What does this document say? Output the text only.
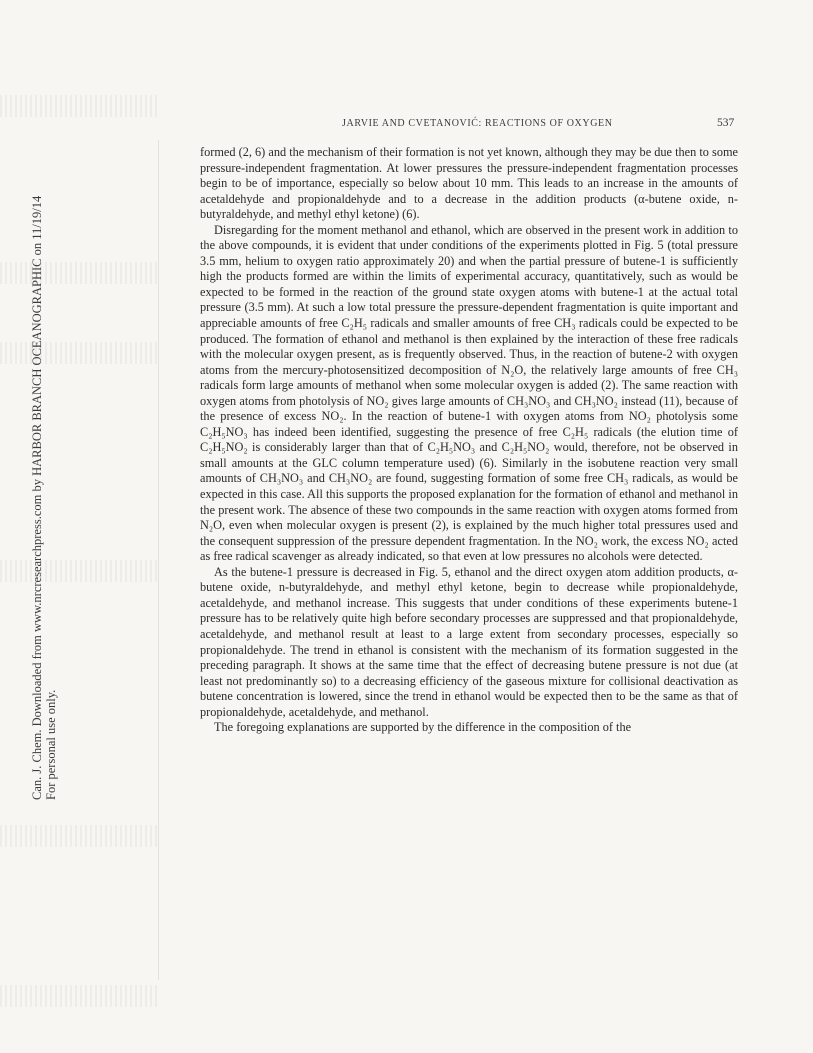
Can. J. Chem. Downloaded from www.nrcresearchpress.com by HARBOR BRANCH OCEANOGRAPHIC on 11/19/14 For personal use only.
JARVIE AND CVETANOVIĆ: REACTIONS OF OXYGEN	537

formed (2, 6) and the mechanism of their formation is not yet known, although they may be due then to some pressure-independent fragmentation. At lower pressures the pressure-independent fragmentation processes begin to be of importance, especially so below about 10 mm. This leads to an increase in the amounts of acetaldehyde and propionaldehyde and to a decrease in the addition products (α-butene oxide, n-butyraldehyde, and methyl ethyl ketone) (6).

Disregarding for the moment methanol and ethanol, which are observed in the present work in addition to the above compounds, it is evident that under conditions of the experiments plotted in Fig. 5 (total pressure 3.5 mm, helium to oxygen ratio approximately 20) and when the partial pressure of butene-1 is sufficiently high the products formed are within the limits of experimental accuracy, quantitatively, such as would be expected to be formed in the reaction of the ground state oxygen atoms with butene-1 at the actual total pressure (3.5 mm). At such a low total pressure the pressure-dependent fragmentation is quite important and appreciable amounts of free C₂H₅ radicals and smaller amounts of free CH₃ radicals could be expected to be produced. The formation of ethanol and methanol is then explained by the interaction of these free radicals with the molecular oxygen present, as is frequently observed. Thus, in the reaction of butene-2 with oxygen atoms from the mercury-photosensitized decomposition of N₂O, the relatively large amounts of free CH₃ radicals form large amounts of methanol when some molecular oxygen is added (2). The same reaction with oxygen atoms from photolysis of NO₂ gives large amounts of CH₃NO₃ and CH₃NO₂ instead (11), because of the presence of excess NO₂. In the reaction of butene-1 with oxygen atoms from NO₂ photolysis some C₂H₅NO₃ has indeed been identified, suggesting the presence of free C₂H₅ radicals (the elution time of C₂H₅NO₂ is considerably larger than that of C₂H₅NO₃ and C₂H₅NO₂ would, therefore, not be observed in small amounts at the GLC column temperature used) (6). Similarly in the isobutene reaction very small amounts of CH₃NO₃ and CH₃NO₂ are found, suggesting formation of some free CH₃ radicals, as would be expected in this case. All this supports the proposed explanation for the formation of ethanol and methanol in the present work. The absence of these two compounds in the same reaction with oxygen atoms formed from N₂O, even when molecular oxygen is present (2), is explained by the much higher total pressures used and the consequent suppression of the pressure dependent fragmentation. In the NO₂ work, the excess NO₂ acted as free radical scavenger as already indicated, so that even at low pressures no alcohols were detected.

As the butene-1 pressure is decreased in Fig. 5, ethanol and the direct oxygen atom addition products, α-butene oxide, n-butyraldehyde, and methyl ethyl ketone, begin to decrease while propionaldehyde, acetaldehyde, and methanol increase. This suggests that under conditions of these experiments butene-1 pressure has to be relatively quite high before secondary processes are suppressed and that propionaldehyde, acetaldehyde, and methanol result at least to a large extent from secondary processes, especially so propionaldehyde. The trend in ethanol is consistent with the mechanism of its formation suggested in the preceding paragraph. It shows at the same time that the effect of decreasing butene pressure is not due (at least not predominantly so) to a decreasing efficiency of the gaseous mixture for collisional deactivation as butene concentration is lowered, since the trend in ethanol would be expected then to be the same as that of propionaldehyde, acetaldehyde, and methanol.

The foregoing explanations are supported by the difference in the composition of the
